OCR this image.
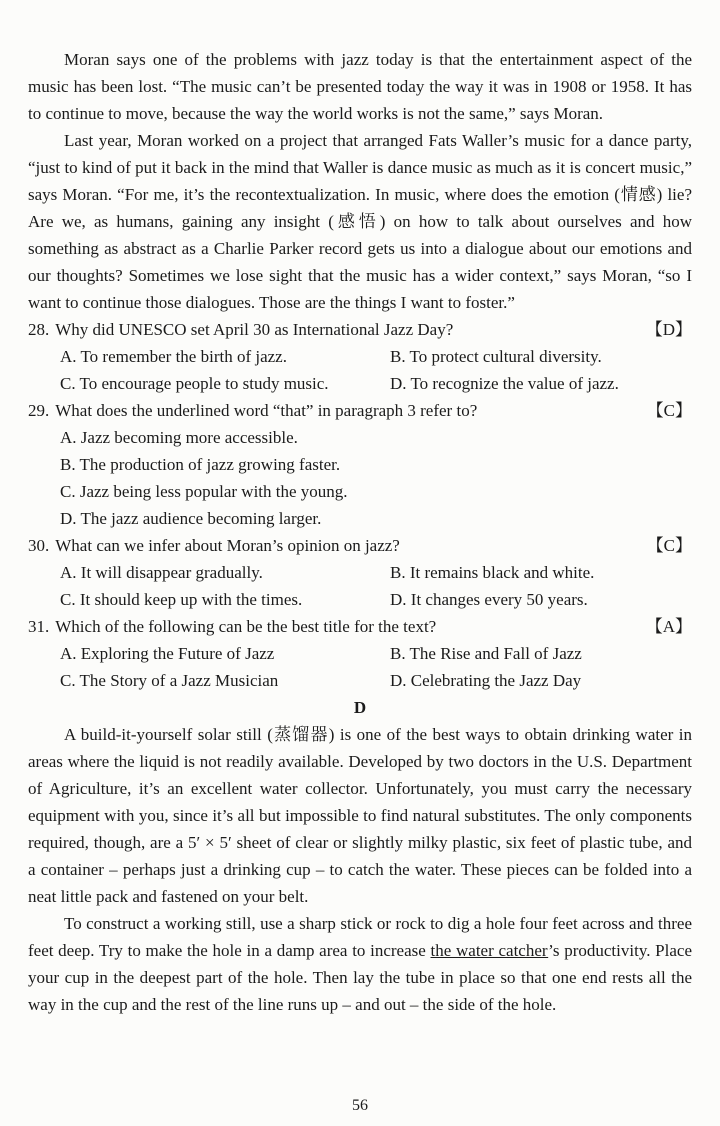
Moran says one of the problems with jazz today is that the entertainment aspect of the music has been lost. “The music can’t be presented today the way it was in 1908 or 1958. It has to continue to move, because the way the world works is not the same,” says Moran.

Last year, Moran worked on a project that arranged Fats Waller’s music for a dance party, “just to kind of put it back in the mind that Waller is dance music as much as it is concert music,” says Moran. “For me, it’s the recontextualization. In music, where does the emotion (情感) lie? Are we, as humans, gaining any insight (感悟) on how to talk about ourselves and how something as abstract as a Charlie Parker record gets us into a dialogue about our emotions and our thoughts? Sometimes we lose sight that the music has a wider context,” says Moran, “so I want to continue those dialogues. Those are the things I want to foster.”

28. Why did UNESCO set April 30 as International Jazz Day?	【D】
A. To remember the birth of jazz.	B. To protect cultural diversity.
C. To encourage people to study music.	D. To recognize the value of jazz.
29. What does the underlined word “that” in paragraph 3 refer to?	【C】
A. Jazz becoming more accessible.
B. The production of jazz growing faster.
C. Jazz being less popular with the young.
D. The jazz audience becoming larger.
30. What can we infer about Moran’s opinion on jazz?	【C】
A. It will disappear gradually.	B. It remains black and white.
C. It should keep up with the times.	D. It changes every 50 years.
31. Which of the following can be the best title for the text?	【A】
A. Exploring the Future of Jazz	B. The Rise and Fall of Jazz
C. The Story of a Jazz Musician	D. Celebrating the Jazz Day

D

A build-it-yourself solar still (蒸馏器) is one of the best ways to obtain drinking water in areas where the liquid is not readily available. Developed by two doctors in the U.S. Department of Agriculture, it’s an excellent water collector. Unfortunately, you must carry the necessary equipment with you, since it’s all but impossible to find natural substitutes. The only components required, though, are a 5′ × 5′ sheet of clear or slightly milky plastic, six feet of plastic tube, and a container – perhaps just a drinking cup – to catch the water. These pieces can be folded into a neat little pack and fastened on your belt.

To construct a working still, use a sharp stick or rock to dig a hole four feet across and three feet deep. Try to make the hole in a damp area to increase the water catcher’s productivity. Place your cup in the deepest part of the hole. Then lay the tube in place so that one end rests all the way in the cup and the rest of the line runs up – and out – the side of the hole.

56
